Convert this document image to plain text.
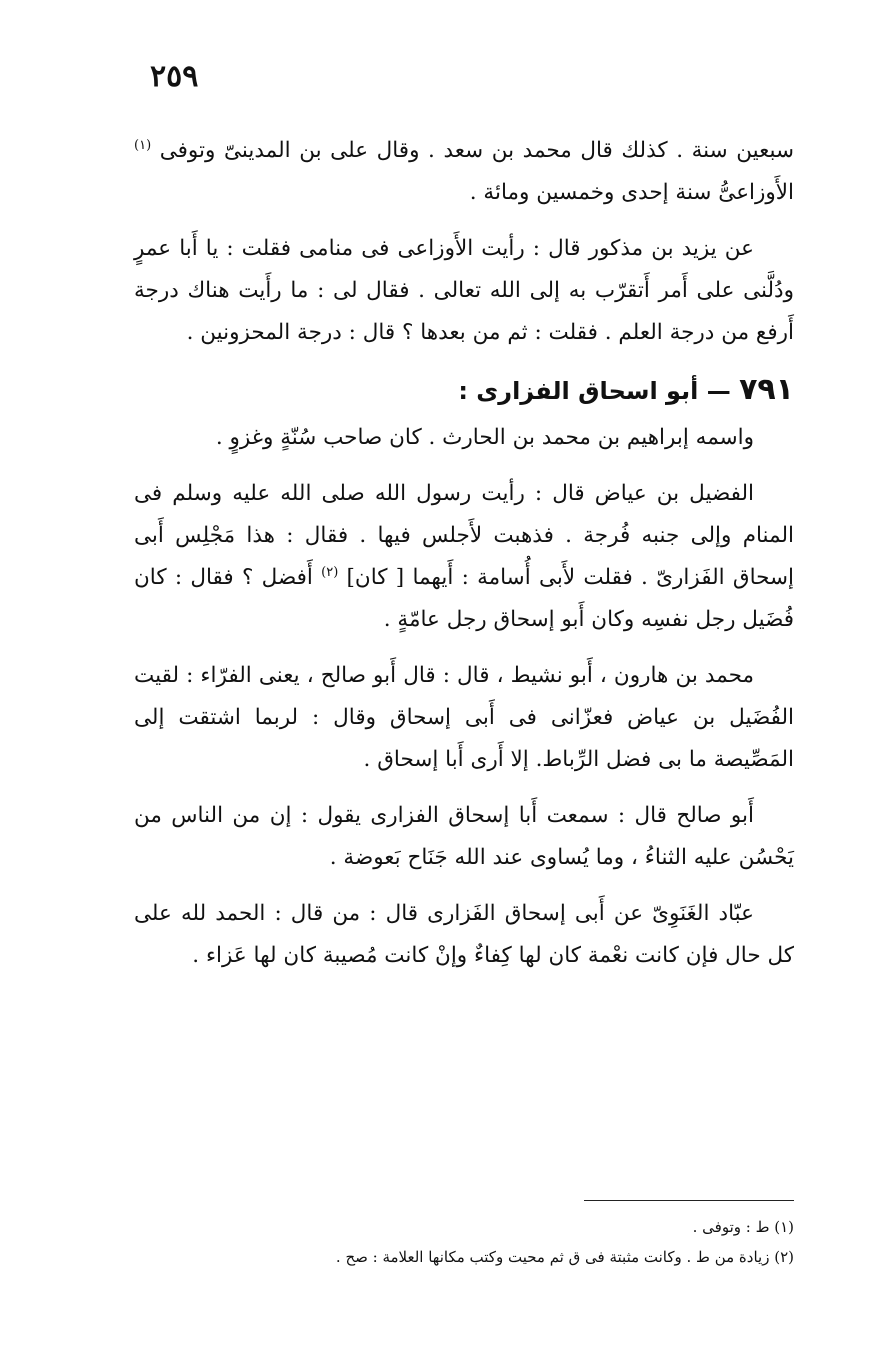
٢٥٩

سبعين سنة . كذلك قال محمد بن سعد . وقال على بن المدينىّ وتوفى $^{(١)}$ الأَوزاعىُّ سنة إحدى وخمسين ومائة .

عن يزيد بن مذكور قال : رأيت الأَوزاعى فى منامى فقلت : يا أَبا عمرٍ ودُلَّنى على أَمر أَتقرّب به إلى الله تعالى . فقال لى : ما رأَيت هناك درجة أَرفع من درجة العلم . فقلت : ثم من بعدها ؟ قال : درجة المحزونين .

٧٩١ — أبو اسحاق الفزارى :

واسمه إبراهيم بن محمد بن الحارث . كان صاحب سُنّةٍ وغزوٍ .

الفضيل بن عياض قال : رأيت رسول الله صلى الله عليه وسلم فى المنام وإلى جنبه فُرجة . فذهبت لأَجلس فيها . فقال : هذا مَجْلِس أَبى إسحاق الفَزارىّ . فقلت لأَبى أُسامة : أَيهما [ كان] $^{(٢)}$ أَفضل ؟ فقال : كان فُضَيل رجل نفسِه وكان أَبو إسحاق رجل عامّةٍ .

محمد بن هارون ، أَبو نشيط ، قال : قال أَبو صالح ، يعنى الفرّاء : لقيت الفُضَيل بن عياض فعزّانى فى أَبى إسحاق وقال : لربما اشتقت إلى المَصِّيصة ما بى فضل الرِّباط. إلا أَرى أَبا إسحاق .

أَبو صالح قال : سمعت أَبا إسحاق الفزارى يقول : إن من الناس من يَحْسُن عليه الثناءُ ، وما يُساوى عند الله جَنَاح بَعوضة .

عبّاد الغَنَوِىّ عن أَبى إسحاق الفَزارى قال : من قال : الحمد لله على كل حال فإن كانت نعْمة كان لها كِفاءٌ وإنْ كانت مُصيبة كان لها عَزاء .

(١) ط : وتوفى .

(٢) زيادة من ط . وكانت مثبتة فى ق ثم محيت وكتب مكانها العلامة : صح .
